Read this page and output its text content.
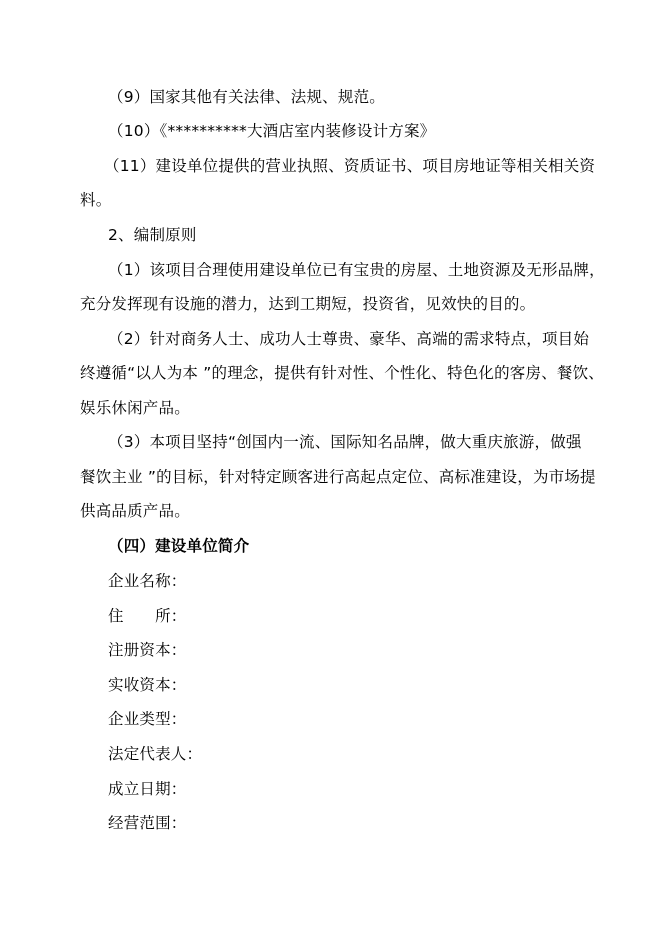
（9）国家其他有关法律、法规、规范。
（10）《**********大酒店室内装修设计方案》
（11）建设单位提供的营业执照、资质证书、项目房地证等相关相关资
料。
2、编制原则
（1）该项目合理使用建设单位已有宝贵的房屋、土地资源及无形品牌，
充分发挥现有设施的潜力，达到工期短，投资省，见效快的目的。
（2）针对商务人士、成功人士尊贵、豪华、高端的需求特点，项目始
终遵循“以人为本 ”的理念，提供有针对性、个性化、特色化的客房、餐饮、
娱乐休闲产品。
（3）本项目坚持“创国内一流、国际知名品牌，做大重庆旅游，做强
餐饮主业 ”的目标，针对特定顾客进行高起点定位、高标准建设，为市场提
供高品质产品。
（四）建设单位简介
企业名称：
住　　所：
注册资本：
实收资本：
企业类型：
法定代表人：
成立日期：
经营范围：
